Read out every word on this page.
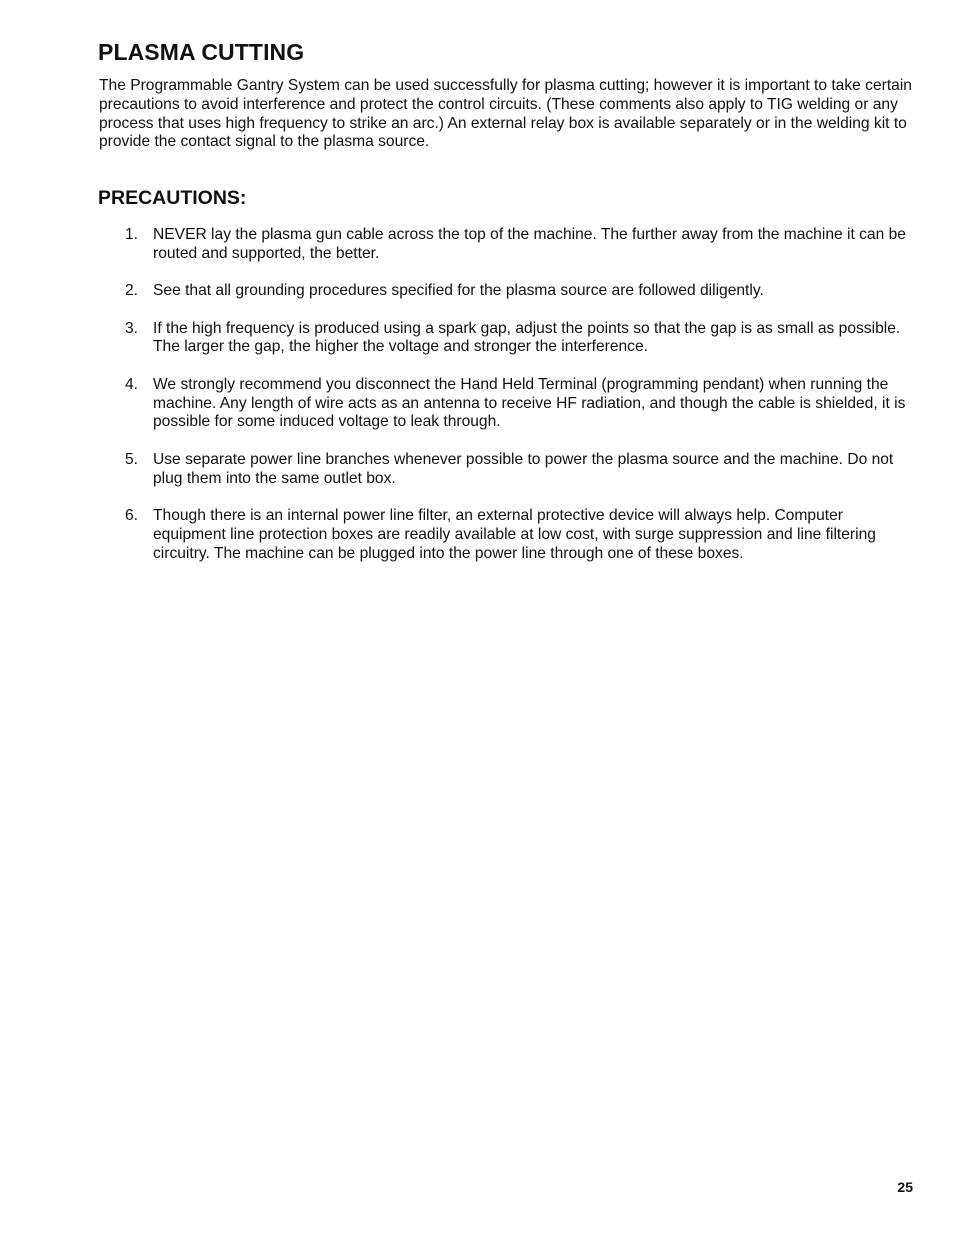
PLASMA CUTTING

The Programmable Gantry System can be used successfully for plasma cutting; however it is important to take certain precautions to avoid interference and protect the control circuits. (These comments also apply to TIG welding or any process that uses high frequency to strike an arc.) An external relay box is available separately or in the welding kit to provide the contact signal to the plasma source.

PRECAUTIONS:
1. NEVER lay the plasma gun cable across the top of the machine. The further away from the machine it can be routed and supported, the better.
2. See that all grounding procedures specified for the plasma source are followed diligently.
3. If the high frequency is produced using a spark gap, adjust the points so that the gap is as small as possible. The larger the gap, the higher the voltage and stronger the interference.
4. We strongly recommend you disconnect the Hand Held Terminal (programming pendant) when running the machine. Any length of wire acts as an antenna to receive HF radiation, and though the cable is shielded, it is possible for some induced voltage to leak through.
5. Use separate power line branches whenever possible to power the plasma source and the machine. Do not plug them into the same outlet box.
6. Though there is an internal power line filter, an external protective device will always help. Computer equipment line protection boxes are readily available at low cost, with surge suppression and line filtering circuitry. The machine can be plugged into the power line through one of these boxes.
25
